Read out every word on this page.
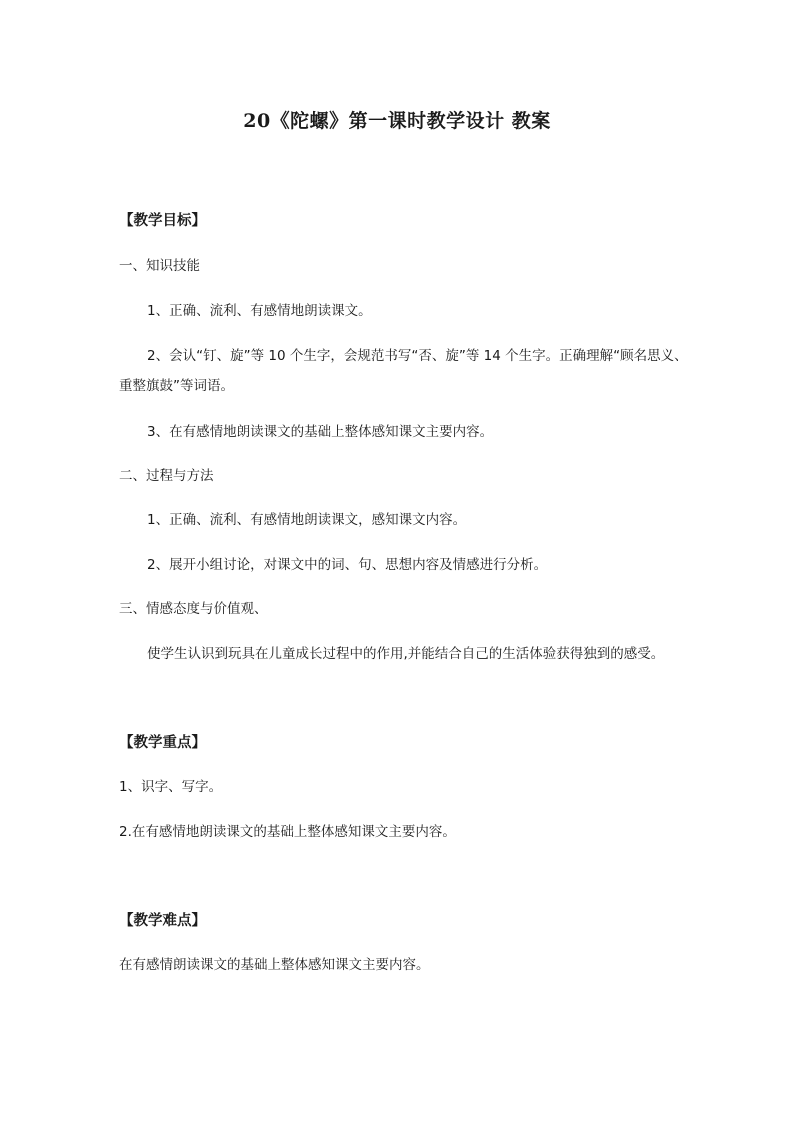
20《陀螺》第一课时教学设计 教案
【教学目标】
一、知识技能
1、正确、流利、有感情地朗读课文。
2、会认“钉、旋”等 10 个生字，会规范书写“否、旋”等 14 个生字。正确理解“顾名思义、重整旗鼓”等词语。
3、在有感情地朗读课文的基础上整体感知课文主要内容。
二、过程与方法
1、正确、流利、有感情地朗读课文，感知课文内容。
2、展开小组讨论，对课文中的词、句、思想内容及情感进行分析。
三、情感态度与价值观、
使学生认识到玩具在儿童成长过程中的作用,并能结合自己的生活体验获得独到的感受。
【教学重点】
1、识字、写字。
2.在有感情地朗读课文的基础上整体感知课文主要内容。
【教学难点】
在有感情朗读课文的基础上整体感知课文主要内容。
